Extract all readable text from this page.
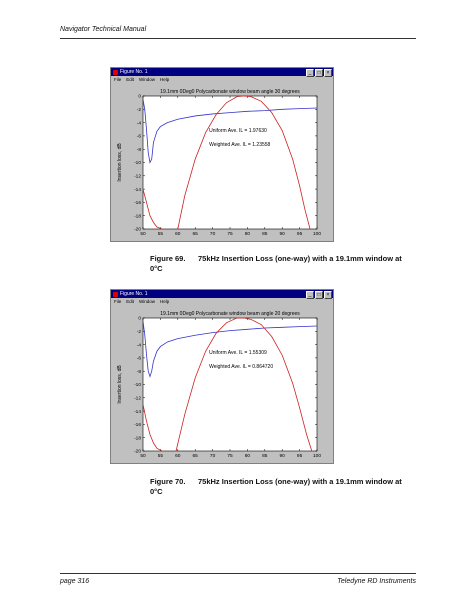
Navigator Technical Manual
Figure No. 1	_	□	×
File Edit Window Help
19.1mm 0Deg0 Polycarbonate window beam angle 30 degrees
Insertion loss, dB
0
-2
-4
-6
-8
-10
-12
-14
-16
-18
-20
50	55	60	65	70	75	80	85	90	95 100
Uniform Ave. IL = 1.97630
Weighted Ave. IL = 1.23558
Figure 69. 75kHz Insertion Loss (one-way) with a 19.1mm window at 0°C
Figure No. 1	_	□	×
File Edit Window Help
19.1mm 0Deg0 Polycarbonate window beam angle 20 degrees
Insertion loss, dB
0
-2
-4
-6
-8
-10
-12
-14
-16
-18
-20
50	55	60	65	70	75	80	85	90	95 100
Uniform Ave. IL = 1.55309
Weighted Ave. IL = 0.864720
Figure 70. 75kHz Insertion Loss (one-way) with a 19.1mm window at 0°C
page 316	Teledyne RD Instruments
